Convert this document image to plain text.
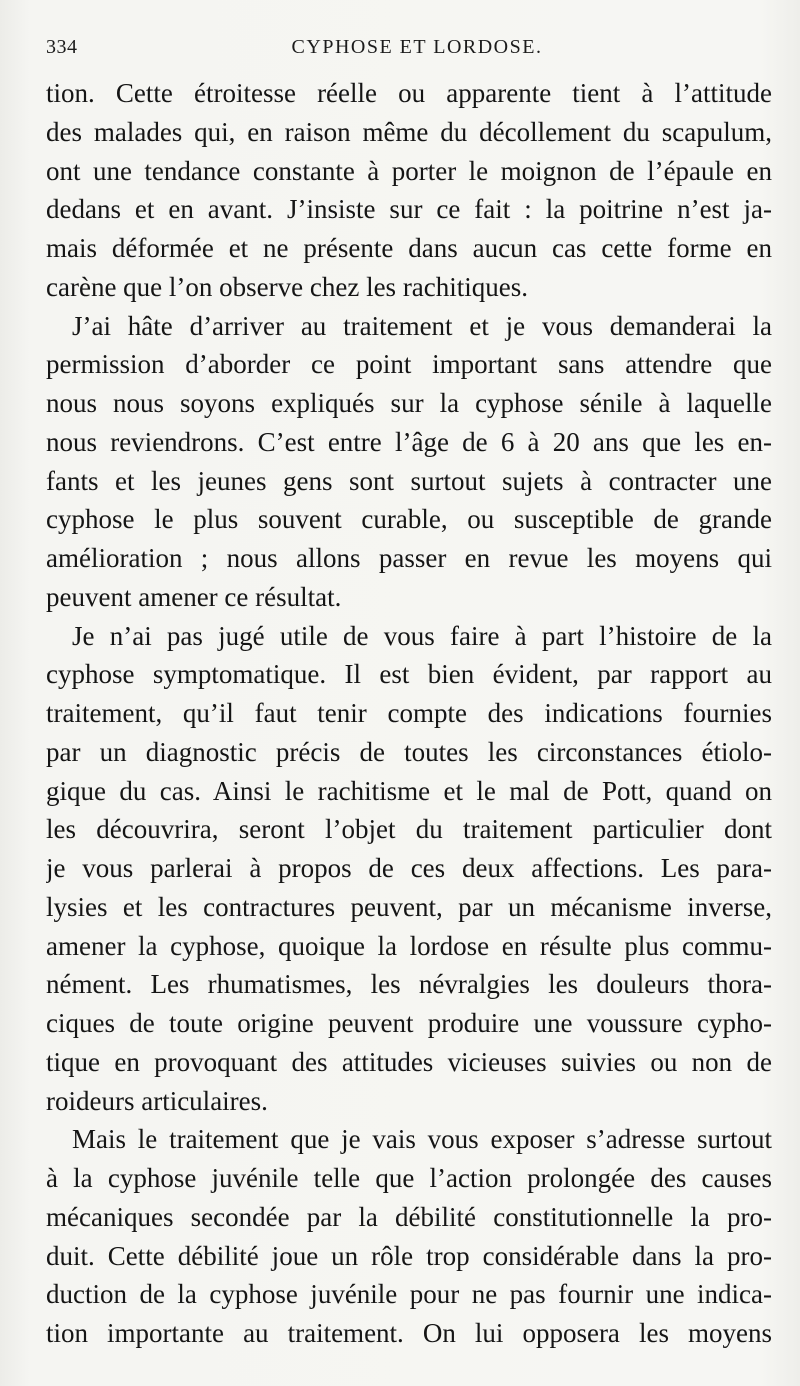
334	CYPHOSE ET LORDOSE.
tion. Cette étroitesse réelle ou apparente tient à l’attitude
des malades qui, en raison même du décollement du scapulum,
ont une tendance constante à porter le moignon de l’épaule en
dedans et en avant. J’insiste sur ce fait : la poitrine n’est ja-
mais déformée et ne présente dans aucun cas cette forme en
carène que l’on observe chez les rachitiques.
J’ai hâte d’arriver au traitement et je vous demanderai la
permission d’aborder ce point important sans attendre que
nous nous soyons expliqués sur la cyphose sénile à laquelle
nous reviendrons. C’est entre l’âge de 6 à 20 ans que les en-
fants et les jeunes gens sont surtout sujets à contracter une
cyphose le plus souvent curable, ou susceptible de grande
amélioration ; nous allons passer en revue les moyens qui
peuvent amener ce résultat.
Je n’ai pas jugé utile de vous faire à part l’histoire de la
cyphose symptomatique. Il est bien évident, par rapport au
traitement, qu’il faut tenir compte des indications fournies
par un diagnostic précis de toutes les circonstances étiolo-
gique du cas. Ainsi le rachitisme et le mal de Pott, quand on
les découvrira, seront l’objet du traitement particulier dont
je vous parlerai à propos de ces deux affections. Les para-
lysies et les contractures peuvent, par un mécanisme inverse,
amener la cyphose, quoique la lordose en résulte plus commu-
nément. Les rhumatismes, les névralgies les douleurs thora-
ciques de toute origine peuvent produire une voussure cypho-
tique en provoquant des attitudes vicieuses suivies ou non de
roideurs articulaires.
Mais le traitement que je vais vous exposer s’adresse surtout
à la cyphose juvénile telle que l’action prolongée des causes
mécaniques secondée par la débilité constitutionnelle la pro-
duit. Cette débilité joue un rôle trop considérable dans la pro-
duction de la cyphose juvénile pour ne pas fournir une indica-
tion importante au traitement. On lui opposera les moyens
